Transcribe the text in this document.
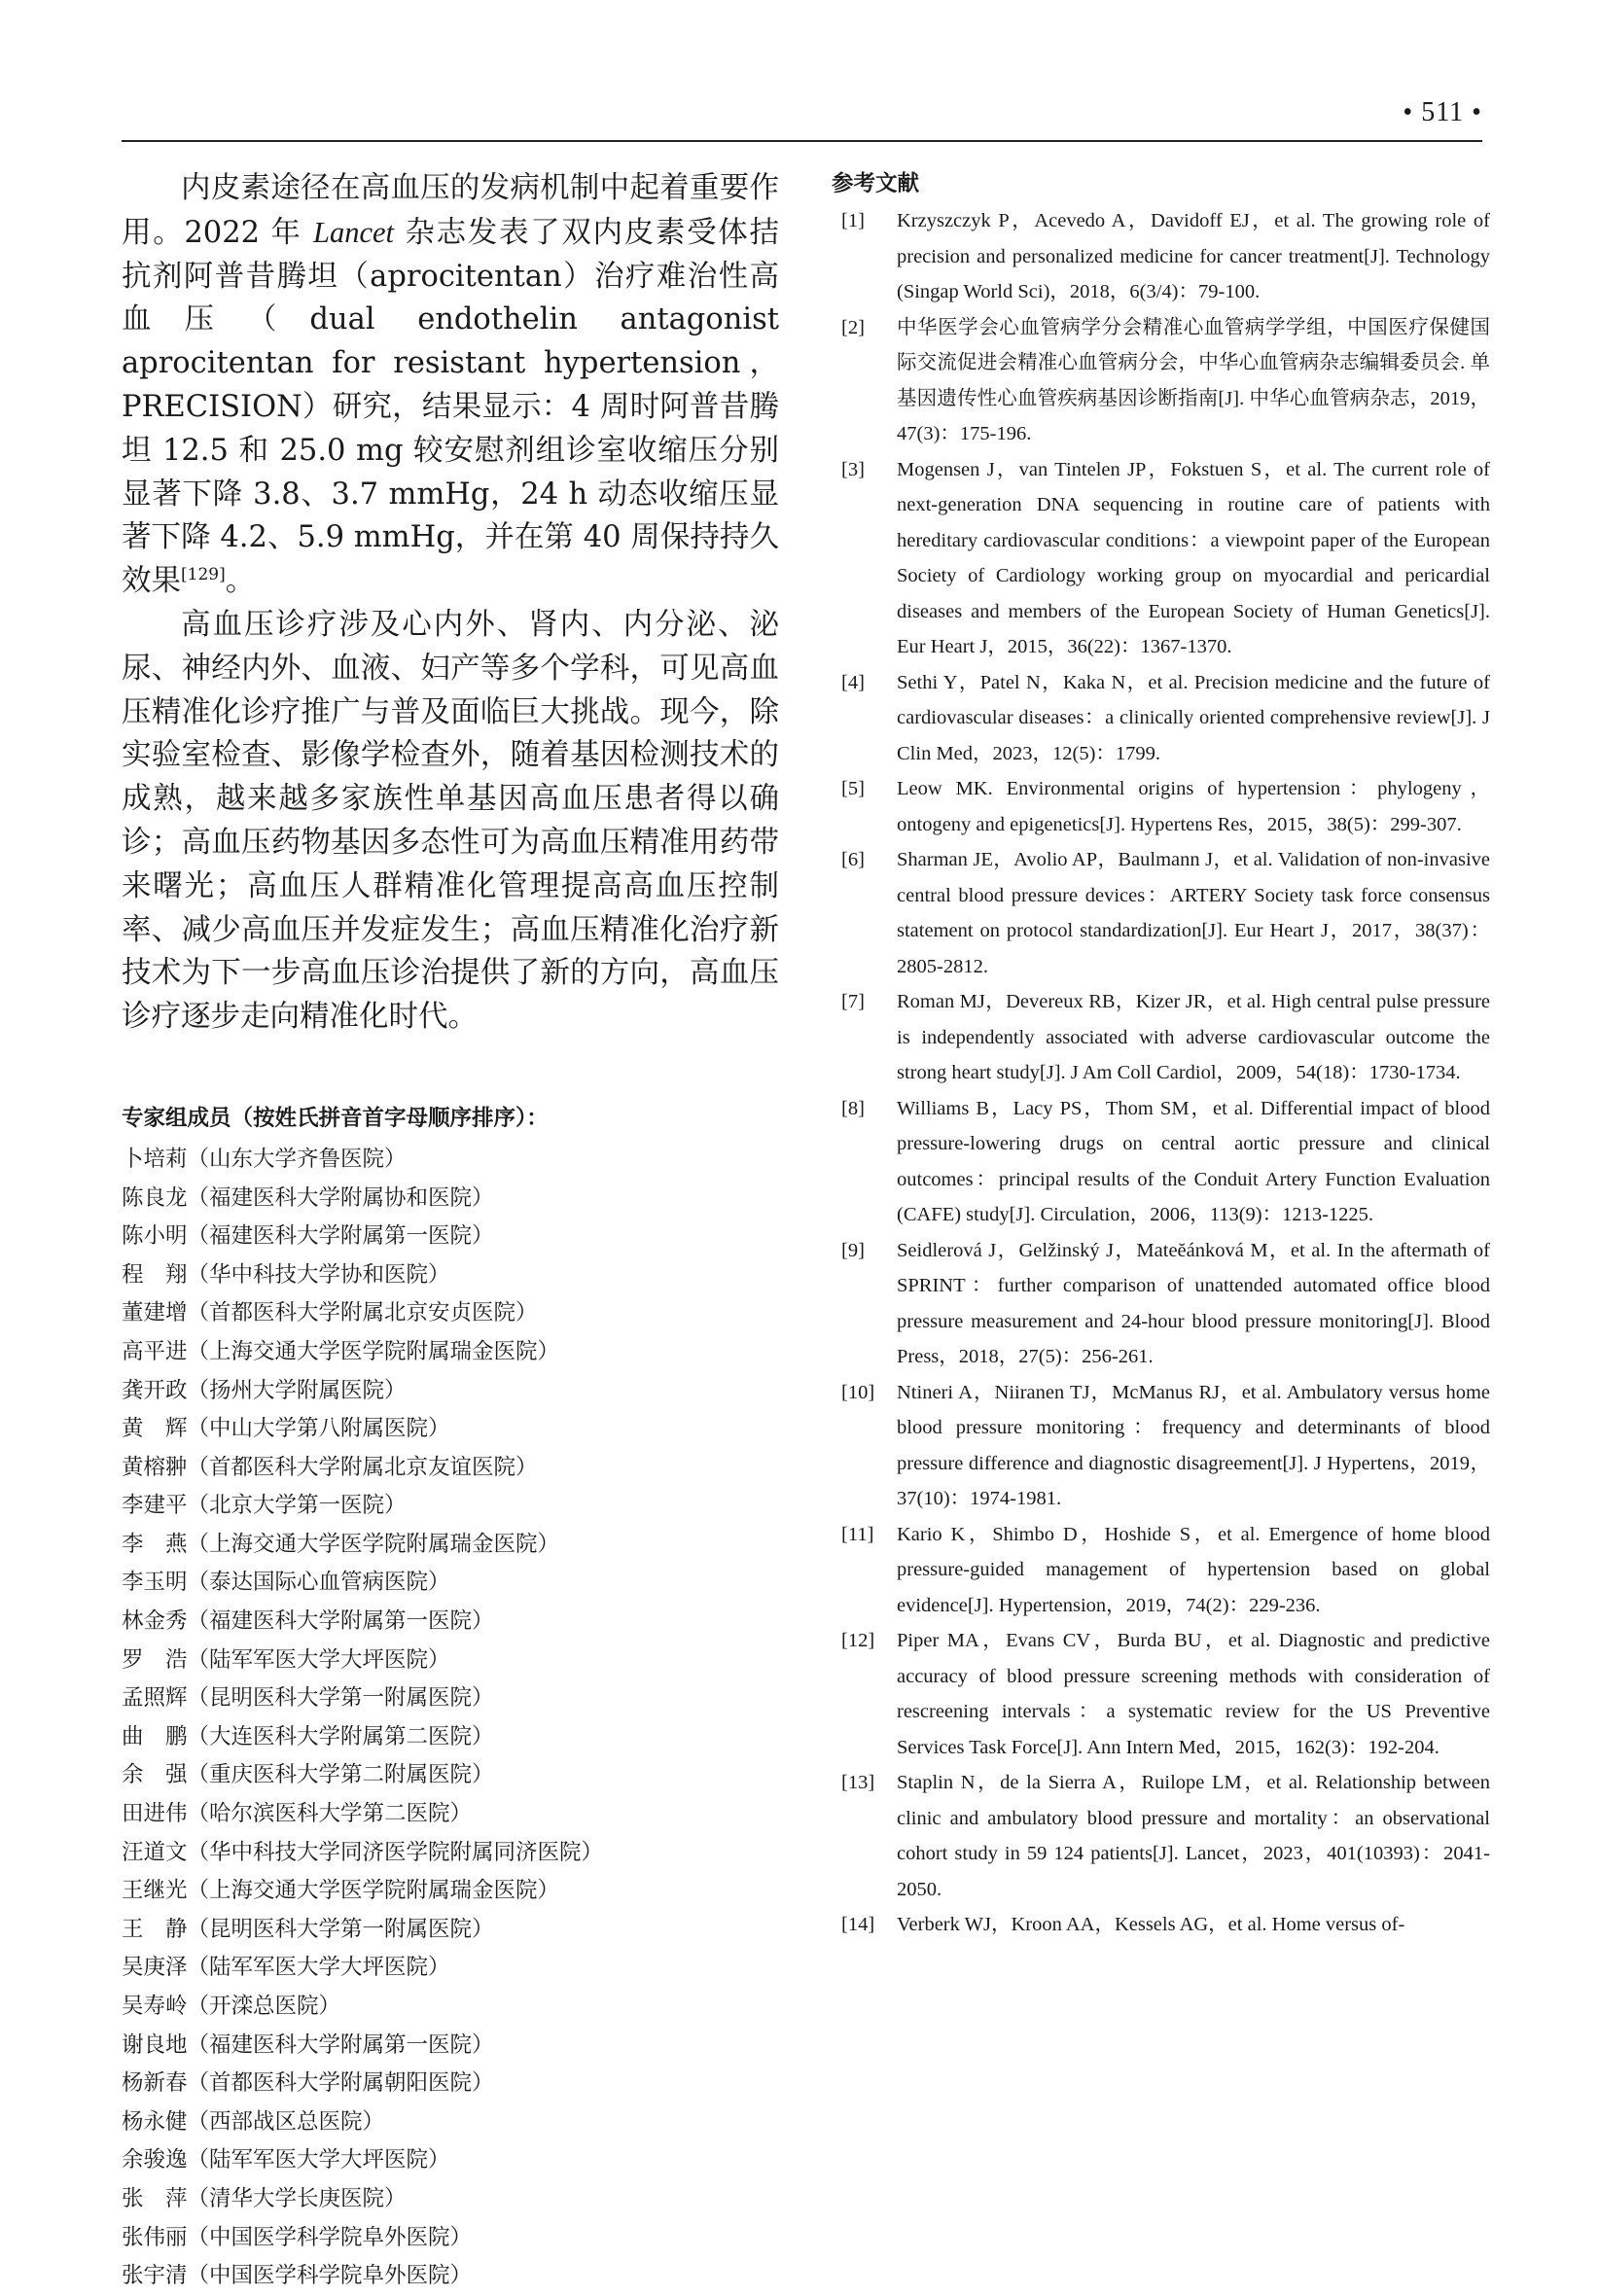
• 511 •

内皮素途径在高血压的发病机制中起着重要作用。2022 年 Lancet 杂志发表了双内皮素受体拮抗剂阿普昔腾坦（aprocitentan）治疗难治性高血压（dual endothelin antagonist aprocitentan for resistant hypertension，PRECISION）研究，结果显示：4 周时阿普昔腾坦 12.5 和 25.0 mg 较安慰剂组诊室收缩压分别显著下降 3.8、3.7 mmHg，24 h 动态收缩压显著下降 4.2、5.9 mmHg，并在第 40 周保持持久效果[129]。

高血压诊疗涉及心内外、肾内、内分泌、泌尿、神经内外、血液、妇产等多个学科，可见高血压精准化诊疗推广与普及面临巨大挑战。现今，除实验室检查、影像学检查外，随着基因检测技术的成熟，越来越多家族性单基因高血压患者得以确诊；高血压药物基因多态性可为高血压精准用药带来曙光；高血压人群精准化管理提高高血压控制率、减少高血压并发症发生；高血压精准化治疗新技术为下一步高血压诊治提供了新的方向，高血压诊疗逐步走向精准化时代。

专家组成员（按姓氏拼音首字母顺序排序）：
卜培莉（山东大学齐鲁医院）
陈良龙（福建医科大学附属协和医院）
陈小明（福建医科大学附属第一医院）
程　翔（华中科技大学协和医院）
董建增（首都医科大学附属北京安贞医院）
高平进（上海交通大学医学院附属瑞金医院）
龚开政（扬州大学附属医院）
黄　辉（中山大学第八附属医院）
黄榕翀（首都医科大学附属北京友谊医院）
李建平（北京大学第一医院）
李　燕（上海交通大学医学院附属瑞金医院）
李玉明（泰达国际心血管病医院）
林金秀（福建医科大学附属第一医院）
罗　浩（陆军军医大学大坪医院）
孟照辉（昆明医科大学第一附属医院）
曲　鹏（大连医科大学附属第二医院）
余　强（重庆医科大学第二附属医院）
田进伟（哈尔滨医科大学第二医院）
汪道文（华中科技大学同济医学院附属同济医院）
王继光（上海交通大学医学院附属瑞金医院）
王　静（昆明医科大学第一附属医院）
吴庚泽（陆军军医大学大坪医院）
吴寿岭（开滦总医院）
谢良地（福建医科大学附属第一医院）
杨新春（首都医科大学附属朝阳医院）
杨永健（西部战区总医院）
余骏逸（陆军军医大学大坪医院）
张　萍（清华大学长庚医院）
张伟丽（中国医学科学院阜外医院）
张宇清（中国医学科学院阜外医院）
参考文献
[1] Krzyszczyk P，Acevedo A，Davidoff EJ，et al. The growing role of precision and personalized medicine for cancer treatment[J]. Technology (Singap World Sci)，2018，6(3/4)：79-100.
[2] 中华医学会心血管病学分会精准心血管病学学组，中国医疗保健国际交流促进会精准心血管病分会，中华心血管病杂志编辑委员会. 单基因遗传性心血管疾病基因诊断指南[J]. 中华心血管病杂志，2019，47(3)：175-196.
[3] Mogensen J，van Tintelen JP，Fokstuen S，et al. The current role of next-generation DNA sequencing in routine care of patients with hereditary cardiovascular conditions：a viewpoint paper of the European Society of Cardiology working group on myocardial and pericardial diseases and members of the European Society of Human Genetics[J]. Eur Heart J，2015，36(22)：1367-1370.
[4] Sethi Y，Patel N，Kaka N，et al. Precision medicine and the future of cardiovascular diseases：a clinically oriented comprehensive review[J]. J Clin Med，2023，12(5)：1799.
[5] Leow MK. Environmental origins of hypertension：phylogeny，ontogeny and epigenetics[J]. Hypertens Res，2015，38(5)：299-307.
[6] Sharman JE，Avolio AP，Baulmann J，et al. Validation of non-invasive central blood pressure devices：ARTERY Society task force consensus statement on protocol standardization[J]. Eur Heart J，2017，38(37)：2805-2812.
[7] Roman MJ，Devereux RB，Kizer JR，et al. High central pulse pressure is independently associated with adverse cardiovascular outcome the strong heart study[J]. J Am Coll Cardiol，2009，54(18)：1730-1734.
[8] Williams B，Lacy PS，Thom SM，et al. Differential impact of blood pressure-lowering drugs on central aortic pressure and clinical outcomes：principal results of the Conduit Artery Function Evaluation (CAFE) study[J]. Circulation，2006，113(9)：1213-1225.
[9] Seidlerová J，Gelžinský J，Mateĕánková M，et al. In the aftermath of SPRINT：further comparison of unattended automated office blood pressure measurement and 24-hour blood pressure monitoring[J]. Blood Press，2018，27(5)：256-261.
[10] Ntineri A，Niiranen TJ，McManus RJ，et al. Ambulatory versus home blood pressure monitoring：frequency and determinants of blood pressure difference and diagnostic disagreement[J]. J Hypertens，2019，37(10)：1974-1981.
[11] Kario K，Shimbo D，Hoshide S，et al. Emergence of home blood pressure-guided management of hypertension based on global evidence[J]. Hypertension，2019，74(2)：229-236.
[12] Piper MA，Evans CV，Burda BU，et al. Diagnostic and predictive accuracy of blood pressure screening methods with consideration of rescreening intervals：a systematic review for the US Preventive Services Task Force[J]. Ann Intern Med，2015，162(3)：192-204.
[13] Staplin N，de la Sierra A，Ruilope LM，et al. Relationship between clinic and ambulatory blood pressure and mortality：an observational cohort study in 59 124 patients[J]. Lancet，2023，401(10393)：2041-2050.
[14] Verberk WJ，Kroon AA，Kessels AG，et al. Home versus of-
